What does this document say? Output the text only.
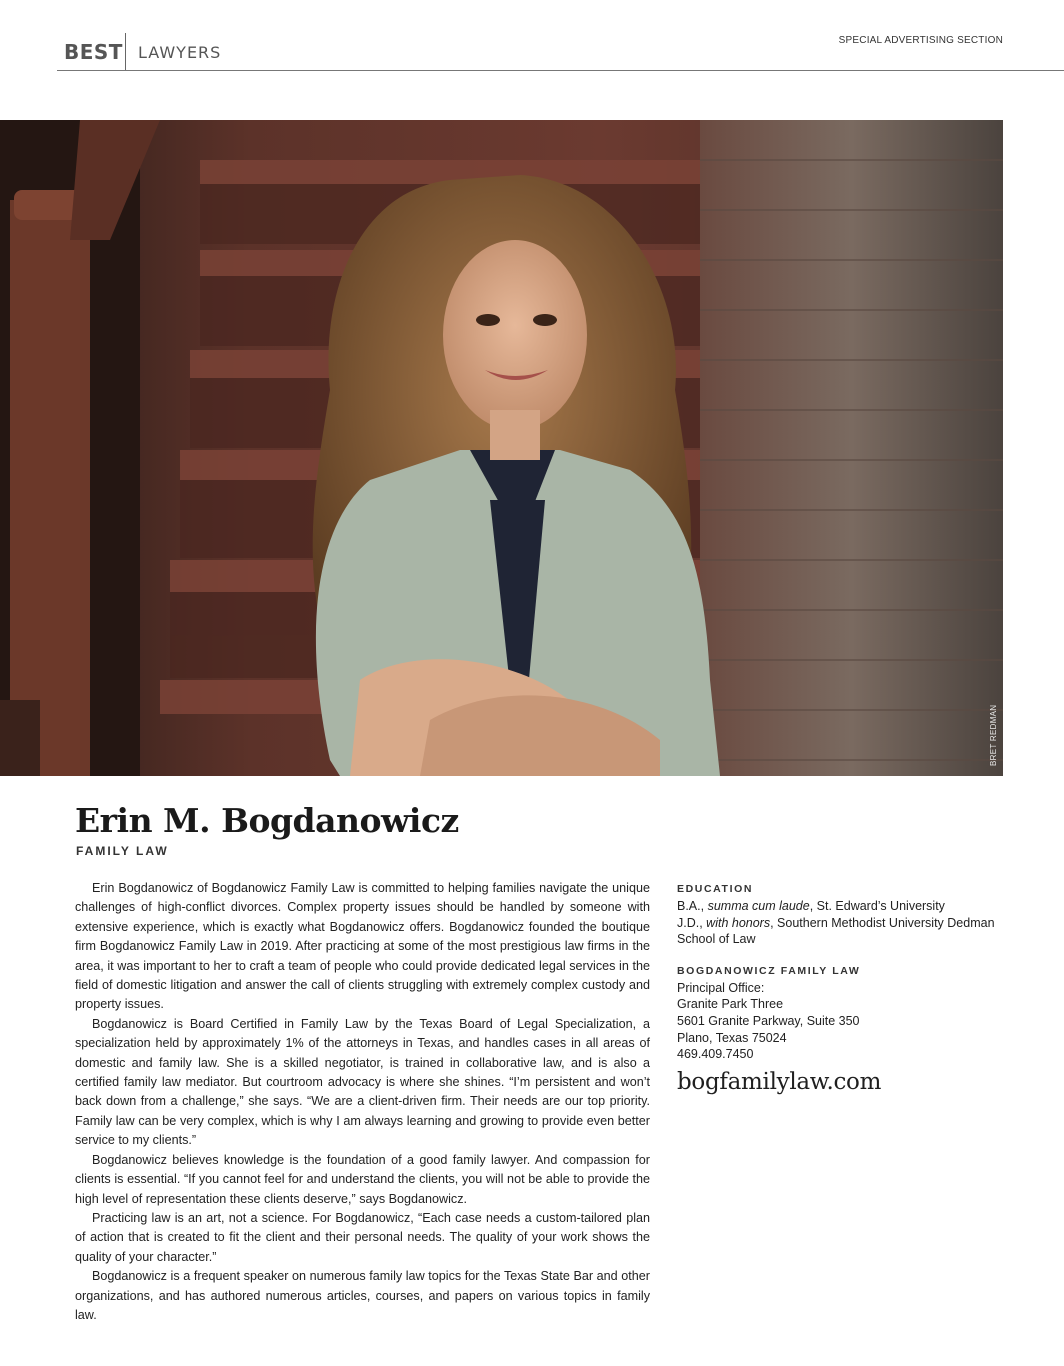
BEST LAWYERS
SPECIAL ADVERTISING SECTION
BRET REDMAN
Erin M. Bogdanowicz
FAMILY LAW

Erin Bogdanowicz of Bogdanowicz Family Law is committed to helping families navigate the unique challenges of high-conflict divorces. Complex property issues should be handled by someone with extensive experience, which is exactly what Bogdanowicz offers. Bogdanowicz founded the boutique firm Bogdanowicz Family Law in 2019. After practicing at some of the most prestigious law firms in the area, it was important to her to craft a team of people who could provide dedicated legal services in the field of domestic litigation and answer the call of clients struggling with extremely complex custody and property issues.

Bogdanowicz is Board Certified in Family Law by the Texas Board of Legal Specialization, a specialization held by approximately 1% of the attorneys in Texas, and handles cases in all areas of domestic and family law. She is a skilled negotiator, is trained in collaborative law, and is also a certified family law mediator. But courtroom advocacy is where she shines. “I’m persistent and won’t back down from a challenge,” she says. “We are a client-driven firm. Their needs are our top priority. Family law can be very complex, which is why I am always learning and growing to provide even better service to my clients.”

Bogdanowicz believes knowledge is the foundation of a good family lawyer. And compassion for clients is essential. “If you cannot feel for and understand the clients, you will not be able to provide the high level of representation these clients deserve,” says Bogdanowicz.

Practicing law is an art, not a science. For Bogdanowicz, “Each case needs a custom-tailored plan of action that is created to fit the client and their personal needs. The quality of your work shows the quality of your character.”

Bogdanowicz is a frequent speaker on numerous family law topics for the Texas State Bar and other organizations, and has authored numerous articles, courses, and papers on various topics in family law.

EDUCATION
B.A., summa cum laude, St. Edward’s University
J.D., with honors, Southern Methodist University Dedman School of Law
BOGDANOWICZ FAMILY LAW
Principal Office:
Granite Park Three
5601 Granite Parkway, Suite 350
Plano, Texas 75024
469.409.7450
bogfamilylaw.com
